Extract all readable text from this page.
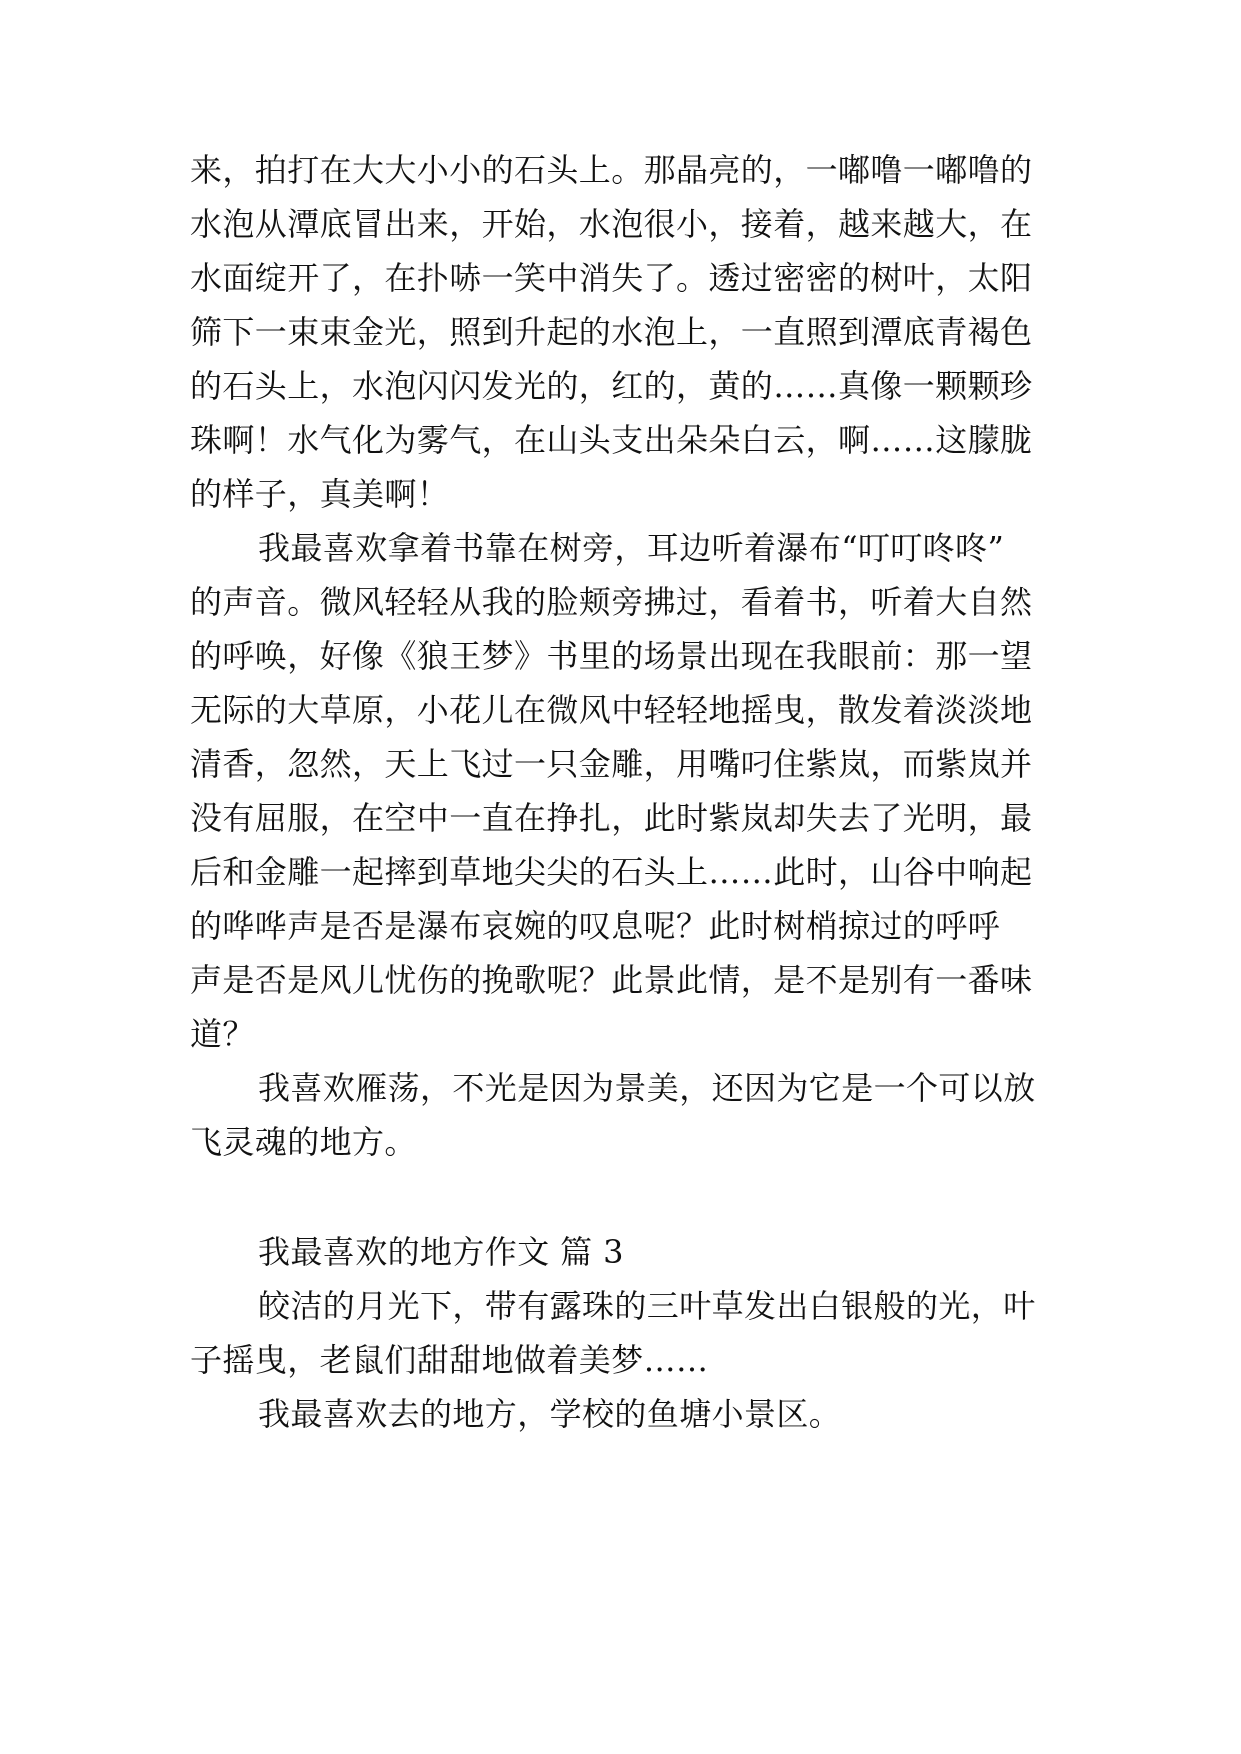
来，拍打在大大小小的石头上。那晶亮的，一嘟噜一嘟噜的
水泡从潭底冒出来，开始，水泡很小，接着，越来越大，在
水面绽开了，在扑哧一笑中消失了。透过密密的树叶，太阳
筛下一束束金光，照到升起的水泡上，一直照到潭底青褐色
的石头上，水泡闪闪发光的，红的，黄的……真像一颗颗珍
珠啊！水气化为雾气，在山头支出朵朵白云，啊……这朦胧
的样子，真美啊！
我最喜欢拿着书靠在树旁，耳边听着瀑布“叮叮咚咚”
的声音。微风轻轻从我的脸颊旁拂过，看着书，听着大自然
的呼唤，好像《狼王梦》书里的场景出现在我眼前：那一望
无际的大草原，小花儿在微风中轻轻地摇曳，散发着淡淡地
清香，忽然，天上飞过一只金雕，用嘴叼住紫岚，而紫岚并
没有屈服，在空中一直在挣扎，此时紫岚却失去了光明，最
后和金雕一起摔到草地尖尖的石头上……此时，山谷中响起
的哗哗声是否是瀑布哀婉的叹息呢？此时树梢掠过的呼呼
声是否是风儿忧伤的挽歌呢？此景此情，是不是别有一番味
道？
我喜欢雁荡，不光是因为景美，还因为它是一个可以放
飞灵魂的地方。
我最喜欢的地方作文 篇 3
皎洁的月光下，带有露珠的三叶草发出白银般的光，叶
子摇曳，老鼠们甜甜地做着美梦……
我最喜欢去的地方，学校的鱼塘小景区。
